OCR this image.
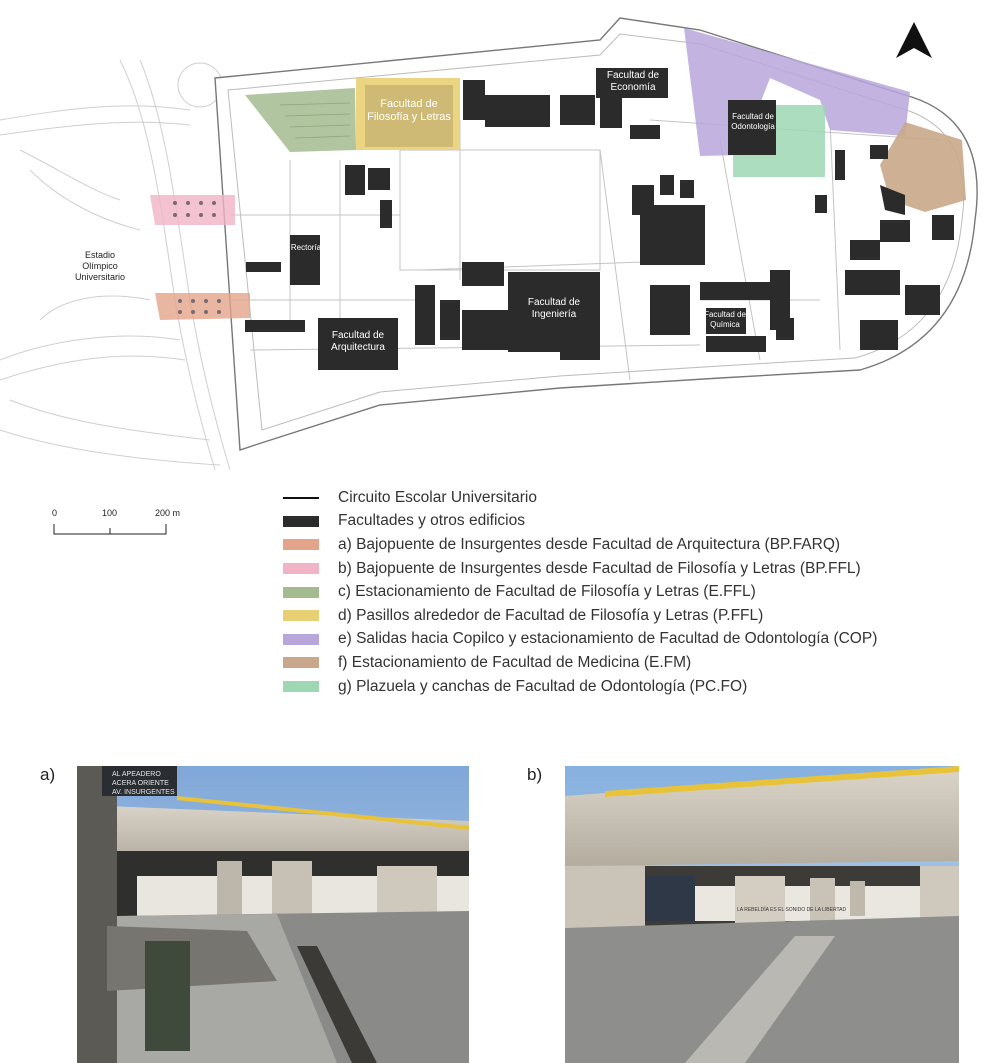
Estadio
Olímpico
Universitario
Facultad de
Economía
Facultad de
Filosofía y Letras	Facultad de
Odontología
Rectoría
Facultad de
Ingeniería	Facultad de
Química
Facultad de
Arquitectura
0	100	200 m
Circuito Escolar Universitario
Facultades y otros edificios
a) Bajopuente de Insurgentes desde Facultad de Arquitectura (BP.FARQ)
b) Bajopuente de Insurgentes desde Facultad de Filosofía y Letras (BP.FFL)
c) Estacionamiento de Facultad de Filosofía y Letras (E.FFL)
d) Pasillos alrededor de Facultad de Filosofía y Letras (P.FFL)
e) Salidas hacia Copilco y estacionamiento de Facultad de Odontología (COP)
f) Estacionamiento de Facultad de Medicina (E.FM)
g) Plazuela y canchas de Facultad de Odontología (PC.FO)
a)	AL APEADERO
ACERA ORIENTE
AV. INSURGENTES
b)
LA REBELDÍA ES EL SONIDO DE LA LIBERTAD
